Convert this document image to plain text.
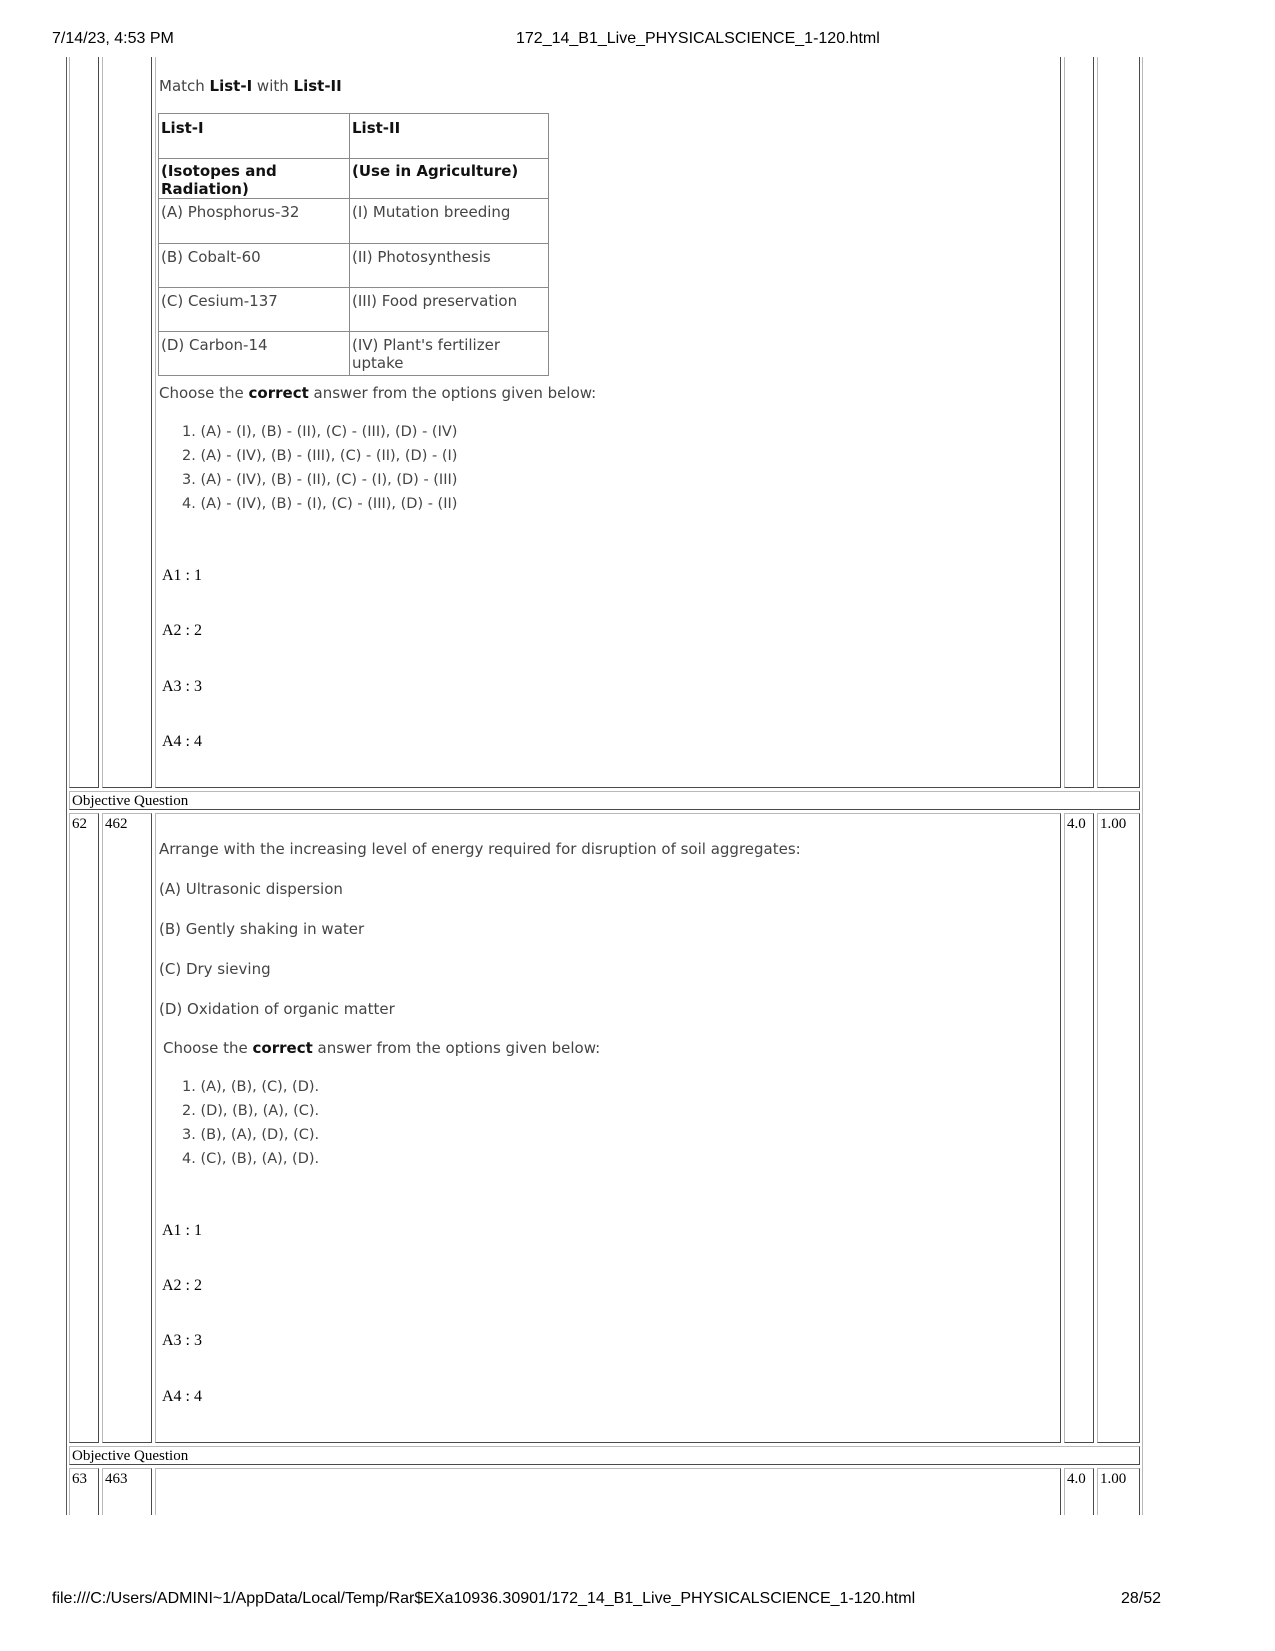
7/14/23, 4:53 PM	172_14_B1_Live_PHYSICALSCIENCE_1-120.html
Match List-I with List-II
List-I	List-II
(Isotopes and Radiation)	(Use in Agriculture)
(A) Phosphorus-32	(I) Mutation breeding
(B) Cobalt-60	(II) Photosynthesis
(C) Cesium-137	(III) Food preservation
(D) Carbon-14	(IV) Plant's fertilizer uptake
Choose the correct answer from the options given below:
1. (A) - (I), (B) - (II), (C) - (III), (D) - (IV)
2. (A) - (IV), (B) - (III), (C) - (II), (D) - (I)
3. (A) - (IV), (B) - (II), (C) - (I), (D) - (III)
4. (A) - (IV), (B) - (I), (C) - (III), (D) - (II)
A1 : 1
A2 : 2
A3 : 3
A4 : 4
Objective Question
62	462	4.0 1.00
Arrange with the increasing level of energy required for disruption of soil aggregates:
(A) Ultrasonic dispersion
(B) Gently shaking in water
(C) Dry sieving
(D) Oxidation of organic matter
Choose the correct answer from the options given below:
1. (A), (B), (C), (D).
2. (D), (B), (A), (C).
3. (B), (A), (D), (C).
4. (C), (B), (A), (D).
A1 : 1
A2 : 2
A3 : 3
A4 : 4
Objective Question
63	463	4.0 1.00
file:///C:/Users/ADMINI~1/AppData/Local/Temp/Rar$EXa10936.30901/172_14_B1_Live_PHYSICALSCIENCE_1-120.html	28/52
